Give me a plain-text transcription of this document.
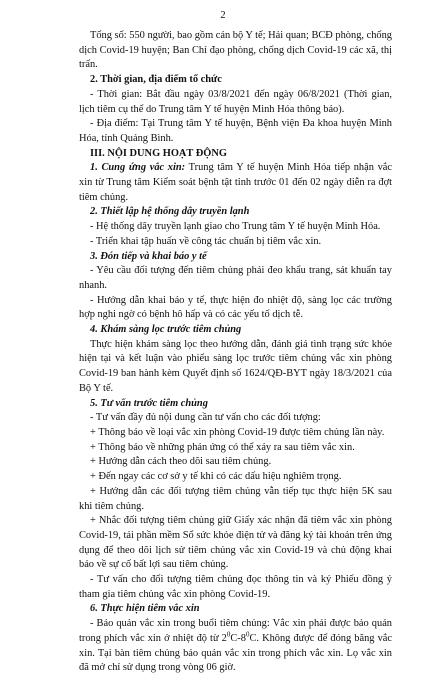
2

Tổng số: 550 người, bao gồm cán bộ Y tế; Hải quan; BCĐ phòng, chống dịch Covid-19 huyện; Ban Chỉ đạo phòng, chống dịch Covid-19 các xã, thị trấn.

2. Thời gian, địa điểm tổ chức

- Thời gian: Bắt đầu ngày 03/8/2021 đến ngày 06/8/2021 (Thời gian, lịch tiêm cụ thể do Trung tâm Y tế huyện Minh Hóa thông báo).

- Địa điểm: Tại Trung tâm Y tế huyện, Bệnh viện Đa khoa huyện Minh Hóa, tỉnh Quảng Bình.

III. NỘI DUNG HOẠT ĐỘNG

1. Cung ứng vắc xin: Trung tâm Y tế huyện Minh Hóa tiếp nhận vắc xin từ Trung tâm Kiểm soát bệnh tật tỉnh trước 01 đến 02 ngày diễn ra đợt tiêm chủng.

2. Thiết lập hệ thống dây truyền lạnh

- Hệ thống dây truyền lạnh giao cho Trung tâm Y tế huyện Minh Hóa.

- Triển khai tập huấn về công tác chuẩn bị tiêm vắc xin.

3. Đón tiếp và khai báo y tế

- Yêu cầu đối tượng đến tiêm chủng phải đeo khẩu trang, sát khuẩn tay nhanh.

- Hướng dẫn khai báo y tế, thực hiện đo nhiệt độ, sàng lọc các trường hợp nghi ngờ có bệnh hô hấp và có các yếu tố dịch tễ.

4. Khám sàng lọc trước tiêm chủng

Thực hiện khám sàng lọc theo hướng dẫn, đánh giá tình trạng sức khỏe hiện tại và kết luận vào phiếu sàng lọc trước tiêm chủng vắc xin phòng Covid-19 ban hành kèm Quyết định số 1624/QĐ-BYT ngày 18/3/2021 của Bộ Y tế.

5. Tư vấn trước tiêm chủng

- Tư vấn đầy đủ nội dung cần tư vấn cho các đối tượng:

+ Thông báo về loại vắc xin phòng Covid-19 được tiêm chủng lần này.

+ Thông báo về những phản ứng có thể xảy ra sau tiêm vắc xin.

+ Hướng dẫn cách theo dõi sau tiêm chủng.

+ Đến ngay các cơ sở y tế khi có các dấu hiệu nghiêm trọng.

+ Hướng dẫn các đối tượng tiêm chủng vẫn tiếp tục thực hiện 5K sau khi tiêm chủng.

+ Nhắc đối tượng tiêm chủng giữ Giấy xác nhận đã tiêm vắc xin phòng Covid-19, tải phần mềm Sổ sức khỏe điện tử và đăng ký tài khoản trên ứng dụng để theo dõi lịch sử tiêm chủng vắc xin Covid-19 và chủ động khai báo về sự cố bất lợi sau tiêm chủng.

- Tư vấn cho đối tượng tiêm chủng đọc thông tin và ký Phiếu đồng ý tham gia tiêm chủng vắc xin phòng Covid-19.

6. Thực hiện tiêm vắc xin

- Bảo quản vắc xin trong buổi tiêm chủng: Vắc xin phải được bảo quản trong phích vắc xin ở nhiệt độ từ $2^0C-8^0C$. Không được để đóng băng vắc xin. Tại bàn tiêm chủng bảo quản vắc xin trong phích vắc xin. Lọ vắc xin đã mở chỉ sử dụng trong vòng 06 giờ.
